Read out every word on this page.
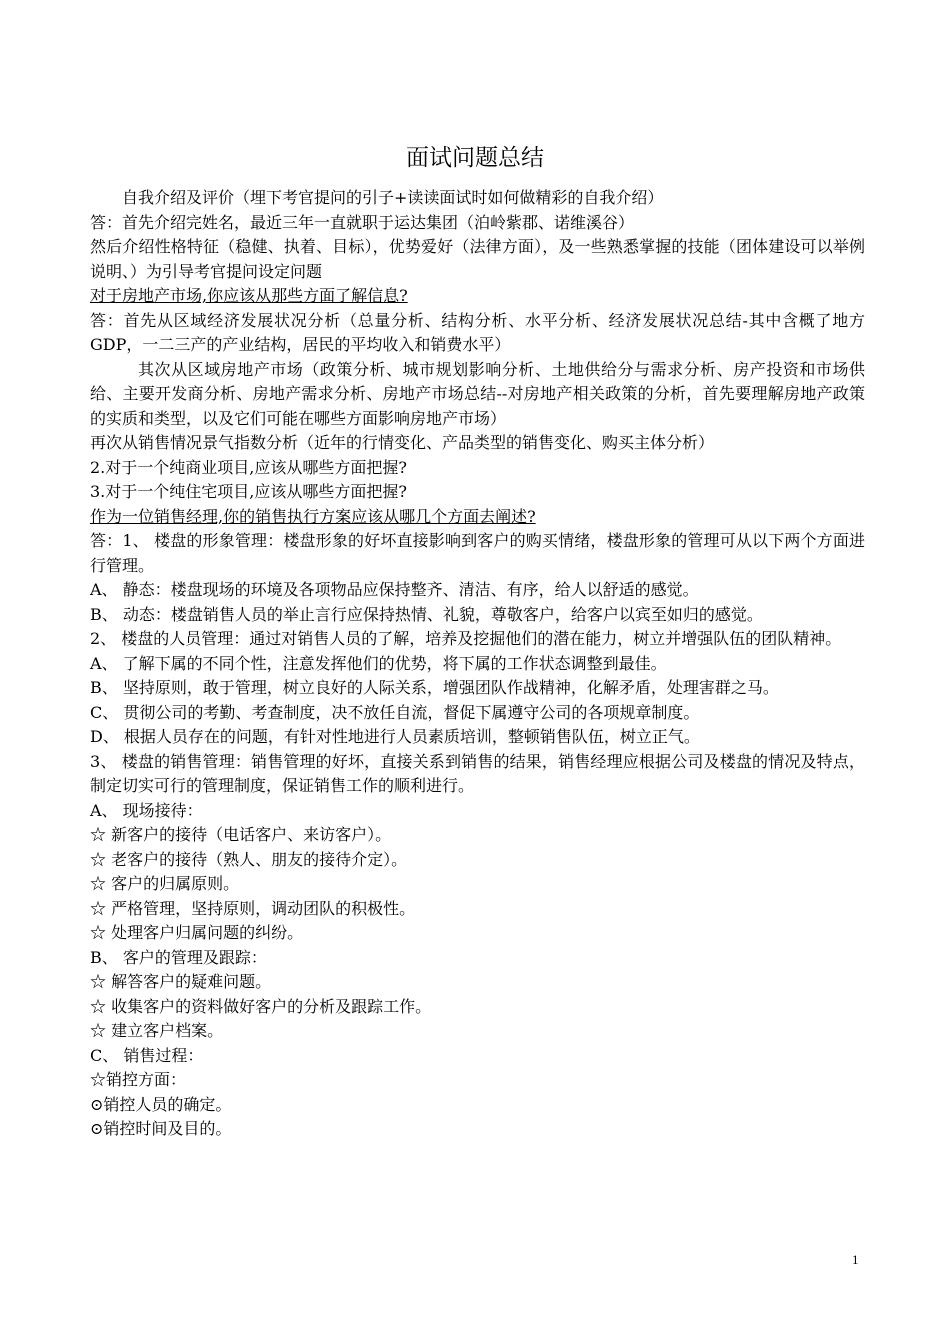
面试问题总结

自我介绍及评价（埋下考官提问的引子+读读面试时如何做精彩的自我介绍）

答：首先介绍完姓名，最近三年一直就职于运达集团（泊岭紫郡、诺维溪谷）

然后介绍性格特征（稳健、执着、目标），优势爱好（法律方面），及一些熟悉掌握的技能（团体建设可以举例说明、）为引导考官提问设定问题

对于房地产市场,你应该从那些方面了解信息?

答：首先从区域经济发展状况分析（总量分析、结构分析、水平分析、经济发展状况总结-其中含概了地方GDP，一二三产的产业结构，居民的平均收入和销费水平）

其次从区域房地产市场（政策分析、城市规划影响分析、土地供给分与需求分析、房产投资和市场供给、主要开发商分析、房地产需求分析、房地产市场总结--对房地产相关政策的分析，首先要理解房地产政策的实质和类型，以及它们可能在哪些方面影响房地产市场）

再次从销售情况景气指数分析（近年的行情变化、产品类型的销售变化、购买主体分析）

2.对于一个纯商业项目,应该从哪些方面把握?

3.对于一个纯住宅项目,应该从哪些方面把握?

作为一位销售经理,你的销售执行方案应该从哪几个方面去阐述?

答：1、 楼盘的形象管理：楼盘形象的好坏直接影响到客户的购买情绪，楼盘形象的管理可从以下两个方面进行管理。

A、 静态：楼盘现场的环境及各项物品应保持整齐、清洁、有序，给人以舒适的感觉。

B、 动态：楼盘销售人员的举止言行应保持热情、礼貌，尊敬客户，给客户以宾至如归的感觉。

2、 楼盘的人员管理：通过对销售人员的了解，培养及挖掘他们的潜在能力，树立并增强队伍的团队精神。

A、 了解下属的不同个性，注意发挥他们的优势，将下属的工作状态调整到最佳。

B、 坚持原则，敢于管理，树立良好的人际关系，增强团队作战精神，化解矛盾，处理害群之马。

C、 贯彻公司的考勤、考查制度，决不放任自流，督促下属遵守公司的各项规章制度。

D、 根据人员存在的问题，有针对性地进行人员素质培训，整顿销售队伍，树立正气。

3、 楼盘的销售管理：销售管理的好坏，直接关系到销售的结果，销售经理应根据公司及楼盘的情况及特点，制定切实可行的管理制度，保证销售工作的顺利进行。

A、 现场接待：

☆ 新客户的接待（电话客户、来访客户）。

☆ 老客户的接待（熟人、朋友的接待介定）。

☆ 客户的归属原则。

☆ 严格管理，坚持原则，调动团队的积极性。

☆ 处理客户归属问题的纠纷。

B、 客户的管理及跟踪：

☆ 解答客户的疑难问题。

☆ 收集客户的资料做好客户的分析及跟踪工作。

☆ 建立客户档案。

C、 销售过程：

☆销控方面：

⊙销控人员的确定。

⊙销控时间及目的。

1
